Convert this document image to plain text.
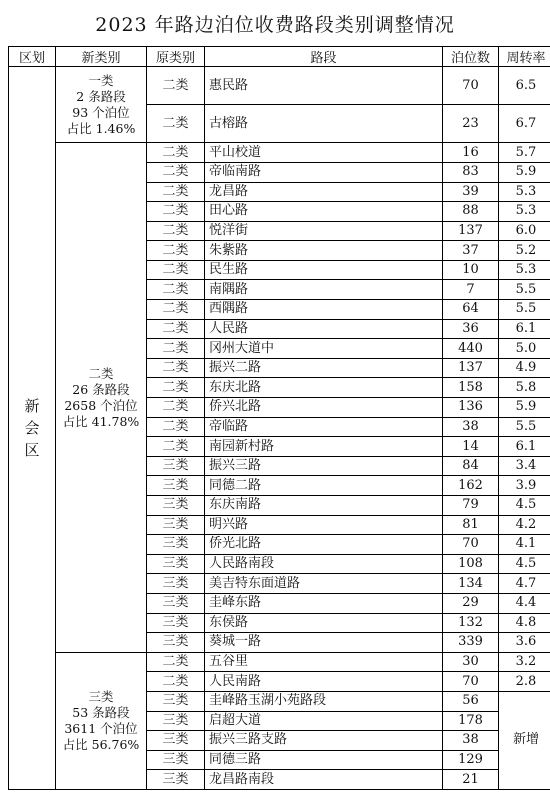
2023 年路边泊位收费路段类别调整情况
区划	新类别	原类别	路段	泊位数	周转率

新会区	一类
2 条路段
93 个泊位
占比 1.46%	二类	惠民路	70	6.5
		二类	古榕路	23	6.7

	二类
26 条路段
2658 个泊位
占比 41.78%	二类	平山校道	16	5.7
		二类	帝临南路	83	5.9
		二类	龙昌路	39	5.3
		二类	田心路	88	5.3
		二类	悦洋街	137	6.0
		二类	朱紫路	37	5.2
		二类	民生路	10	5.3
		二类	南隅路	7	5.5
		二类	西隅路	64	5.5
		二类	人民路	36	6.1
		二类	冈州大道中	440	5.0
		二类	振兴二路	137	4.9
		二类	东庆北路	158	5.8
		二类	侨兴北路	136	5.9
		二类	帝临路	38	5.5
		二类	南园新村路	14	6.1
		三类	振兴三路	84	3.4
		三类	同德二路	162	3.9
		三类	东庆南路	79	4.5
		三类	明兴路	81	4.2
		三类	侨光北路	70	4.1
		三类	人民路南段	108	4.5
		三类	美吉特东面道路	134	4.7
		三类	圭峰东路	29	4.4
		三类	东侯路	132	4.8
		三类	葵城一路	339	3.6

	三类
53 条路段
3611 个泊位
占比 56.76%	二类	五谷里	30	3.2
		二类	人民南路	70	2.8
		三类	圭峰路玉湖小苑路段	56	新增
		三类	启超大道	178	
		三类	振兴三路支路	38	
		三类	同德三路	129	
		三类	龙昌路南段	21	
